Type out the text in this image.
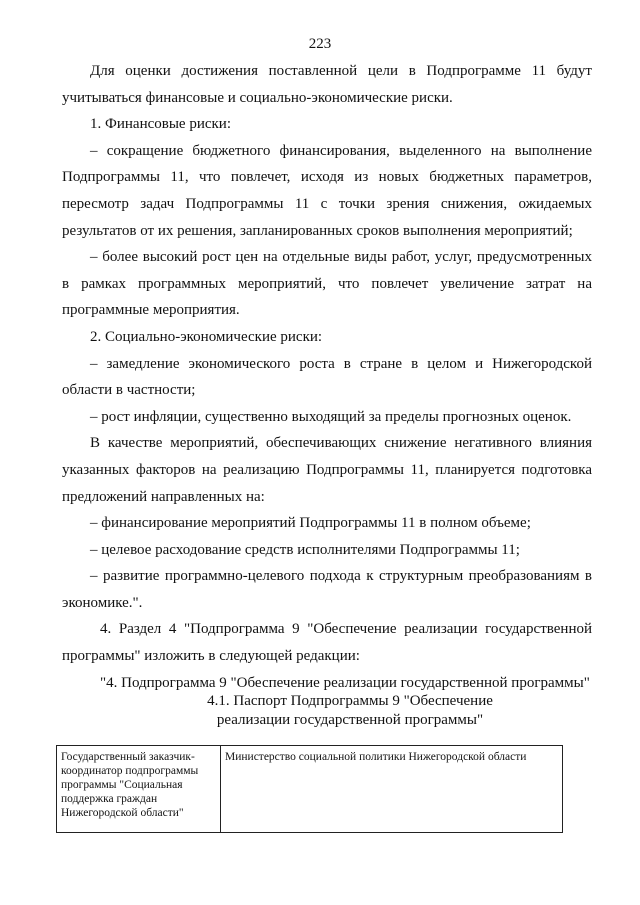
223

Для оценки достижения поставленной цели в Подпрограмме 11 будут учитываться финансовые и социально-экономические риски.

1. Финансовые риски:

– сокращение бюджетного финансирования, выделенного на выполнение Подпрограммы 11, что повлечет, исходя из новых бюджетных параметров, пересмотр задач Подпрограммы 11 с точки зрения снижения, ожидаемых результатов от их решения, запланированных сроков выполнения мероприятий;

– более высокий рост цен на отдельные виды работ, услуг, предусмотренных в рамках программных мероприятий, что повлечет увеличение затрат на программные мероприятия.

2. Социально-экономические риски:

– замедление экономического роста в стране в целом и Нижегородской области в частности;

– рост инфляции, существенно выходящий за пределы прогнозных оценок.

В качестве мероприятий, обеспечивающих снижение негативного влияния указанных факторов на реализацию Подпрограммы 11, планируется подготовка предложений направленных на:

– финансирование мероприятий Подпрограммы 11 в полном объеме;

– целевое расходование средств исполнителями Подпрограммы 11;

– развитие программно-целевого подхода к структурным преобразованиям в экономике.".

4. Раздел 4 "Подпрограмма 9 "Обеспечение реализации государственной программы" изложить в следующей редакции:

"4. Подпрограмма 9 "Обеспечение реализации государственной программы"

4.1. Паспорт Подпрограммы 9 "Обеспечение реализации государственной программы"
Государственный заказчик-координатор подпрограммы программы "Социальная поддержка граждан Нижегородской области"	Министерство социальной политики Нижегородской области
